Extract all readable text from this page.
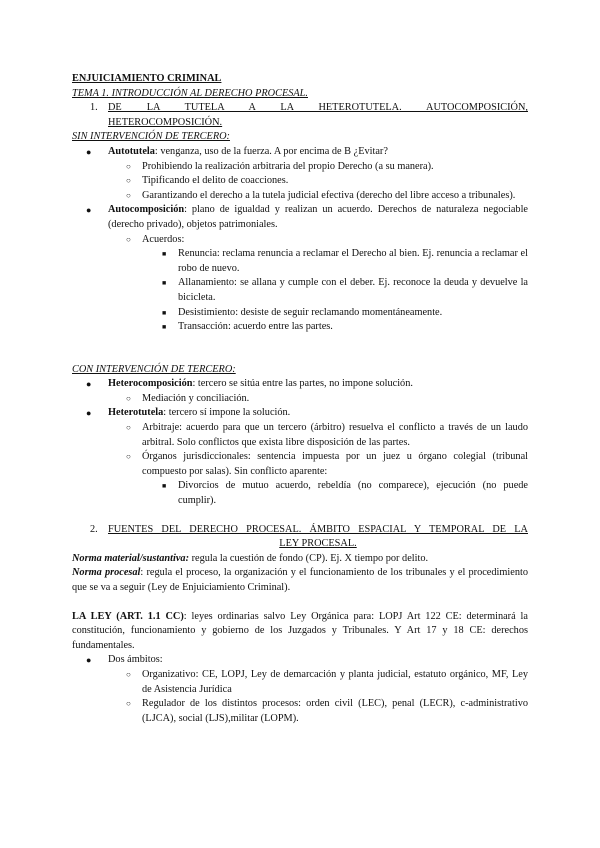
ENJUICIAMIENTO CRIMINAL
TEMA 1. INTRODUCCIÓN AL DERECHO PROCESAL.
1. DE LA TUTELA A LA HETEROTUTELA. AUTOCOMPOSICIÓN,
HETEROCOMPOSICIÓN.
SIN INTERVENCIÓN DE TERCERO:
●	Autotutela: venganza, uso de la fuerza. A por encima de B ¿Evitar?
○	Prohibiendo la realización arbitraria del propio Derecho (a su manera).
○	Tipificando el delito de coacciones.
○	Garantizando el derecho a la tutela judicial efectiva (derecho del libre acceso a tribunales).
●	Autocomposición: plano de igualdad y realizan un acuerdo. Derechos de naturaleza negociable (derecho privado), objetos patrimoniales.
○	Acuerdos:
■	Renuncia: reclama renuncia a reclamar el Derecho al bien. Ej. renuncia a reclamar el robo de nuevo.
■	Allanamiento: se allana y cumple con el deber. Ej. reconoce la deuda y devuelve la bicicleta.
■	Desistimiento: desiste de seguir reclamando momentáneamente.
■	Transacción: acuerdo entre las partes.
CON INTERVENCIÓN DE TERCERO:
●	Heterocomposición: tercero se sitúa entre las partes, no impone solución.
○	Mediación y conciliación.
●	Heterotutela: tercero sí impone la solución.
○	Arbitraje: acuerdo para que un tercero (árbitro) resuelva el conflicto a través de un laudo arbitral. Solo conflictos que exista libre disposición de las partes.
○	Órganos jurisdiccionales: sentencia impuesta por un juez u órgano colegial (tribunal compuesto por salas). Sin conflicto aparente:
■	Divorcios de mutuo acuerdo, rebeldía (no comparece), ejecución (no puede cumplir).
2. FUENTES DEL DERECHO PROCESAL. ÁMBITO ESPACIAL Y TEMPORAL DE LA
LEY PROCESAL.
Norma material/sustantiva: regula la cuestión de fondo (CP). Ej. X tiempo por delito.
Norma procesal: regula el proceso, la organización y el funcionamiento de los tribunales y el procedimiento que se va a seguir (Ley de Enjuiciamiento Criminal).
LA LEY (ART. 1.1 CC): leyes ordinarias salvo Ley Orgánica para: LOPJ Art 122 CE: determinará la constitución, funcionamiento y gobierno de los Juzgados y Tribunales. Y Art 17 y 18 CE: derechos fundamentales.
●	Dos ámbitos:
○	Organizativo: CE, LOPJ, Ley de demarcación y planta judicial, estatuto orgánico, MF, Ley de Asistencia Jurídica
○	Regulador de los distintos procesos: orden civil (LEC), penal (LECR), c-administrativo (LJCA), social (LJS),militar (LOPM).
